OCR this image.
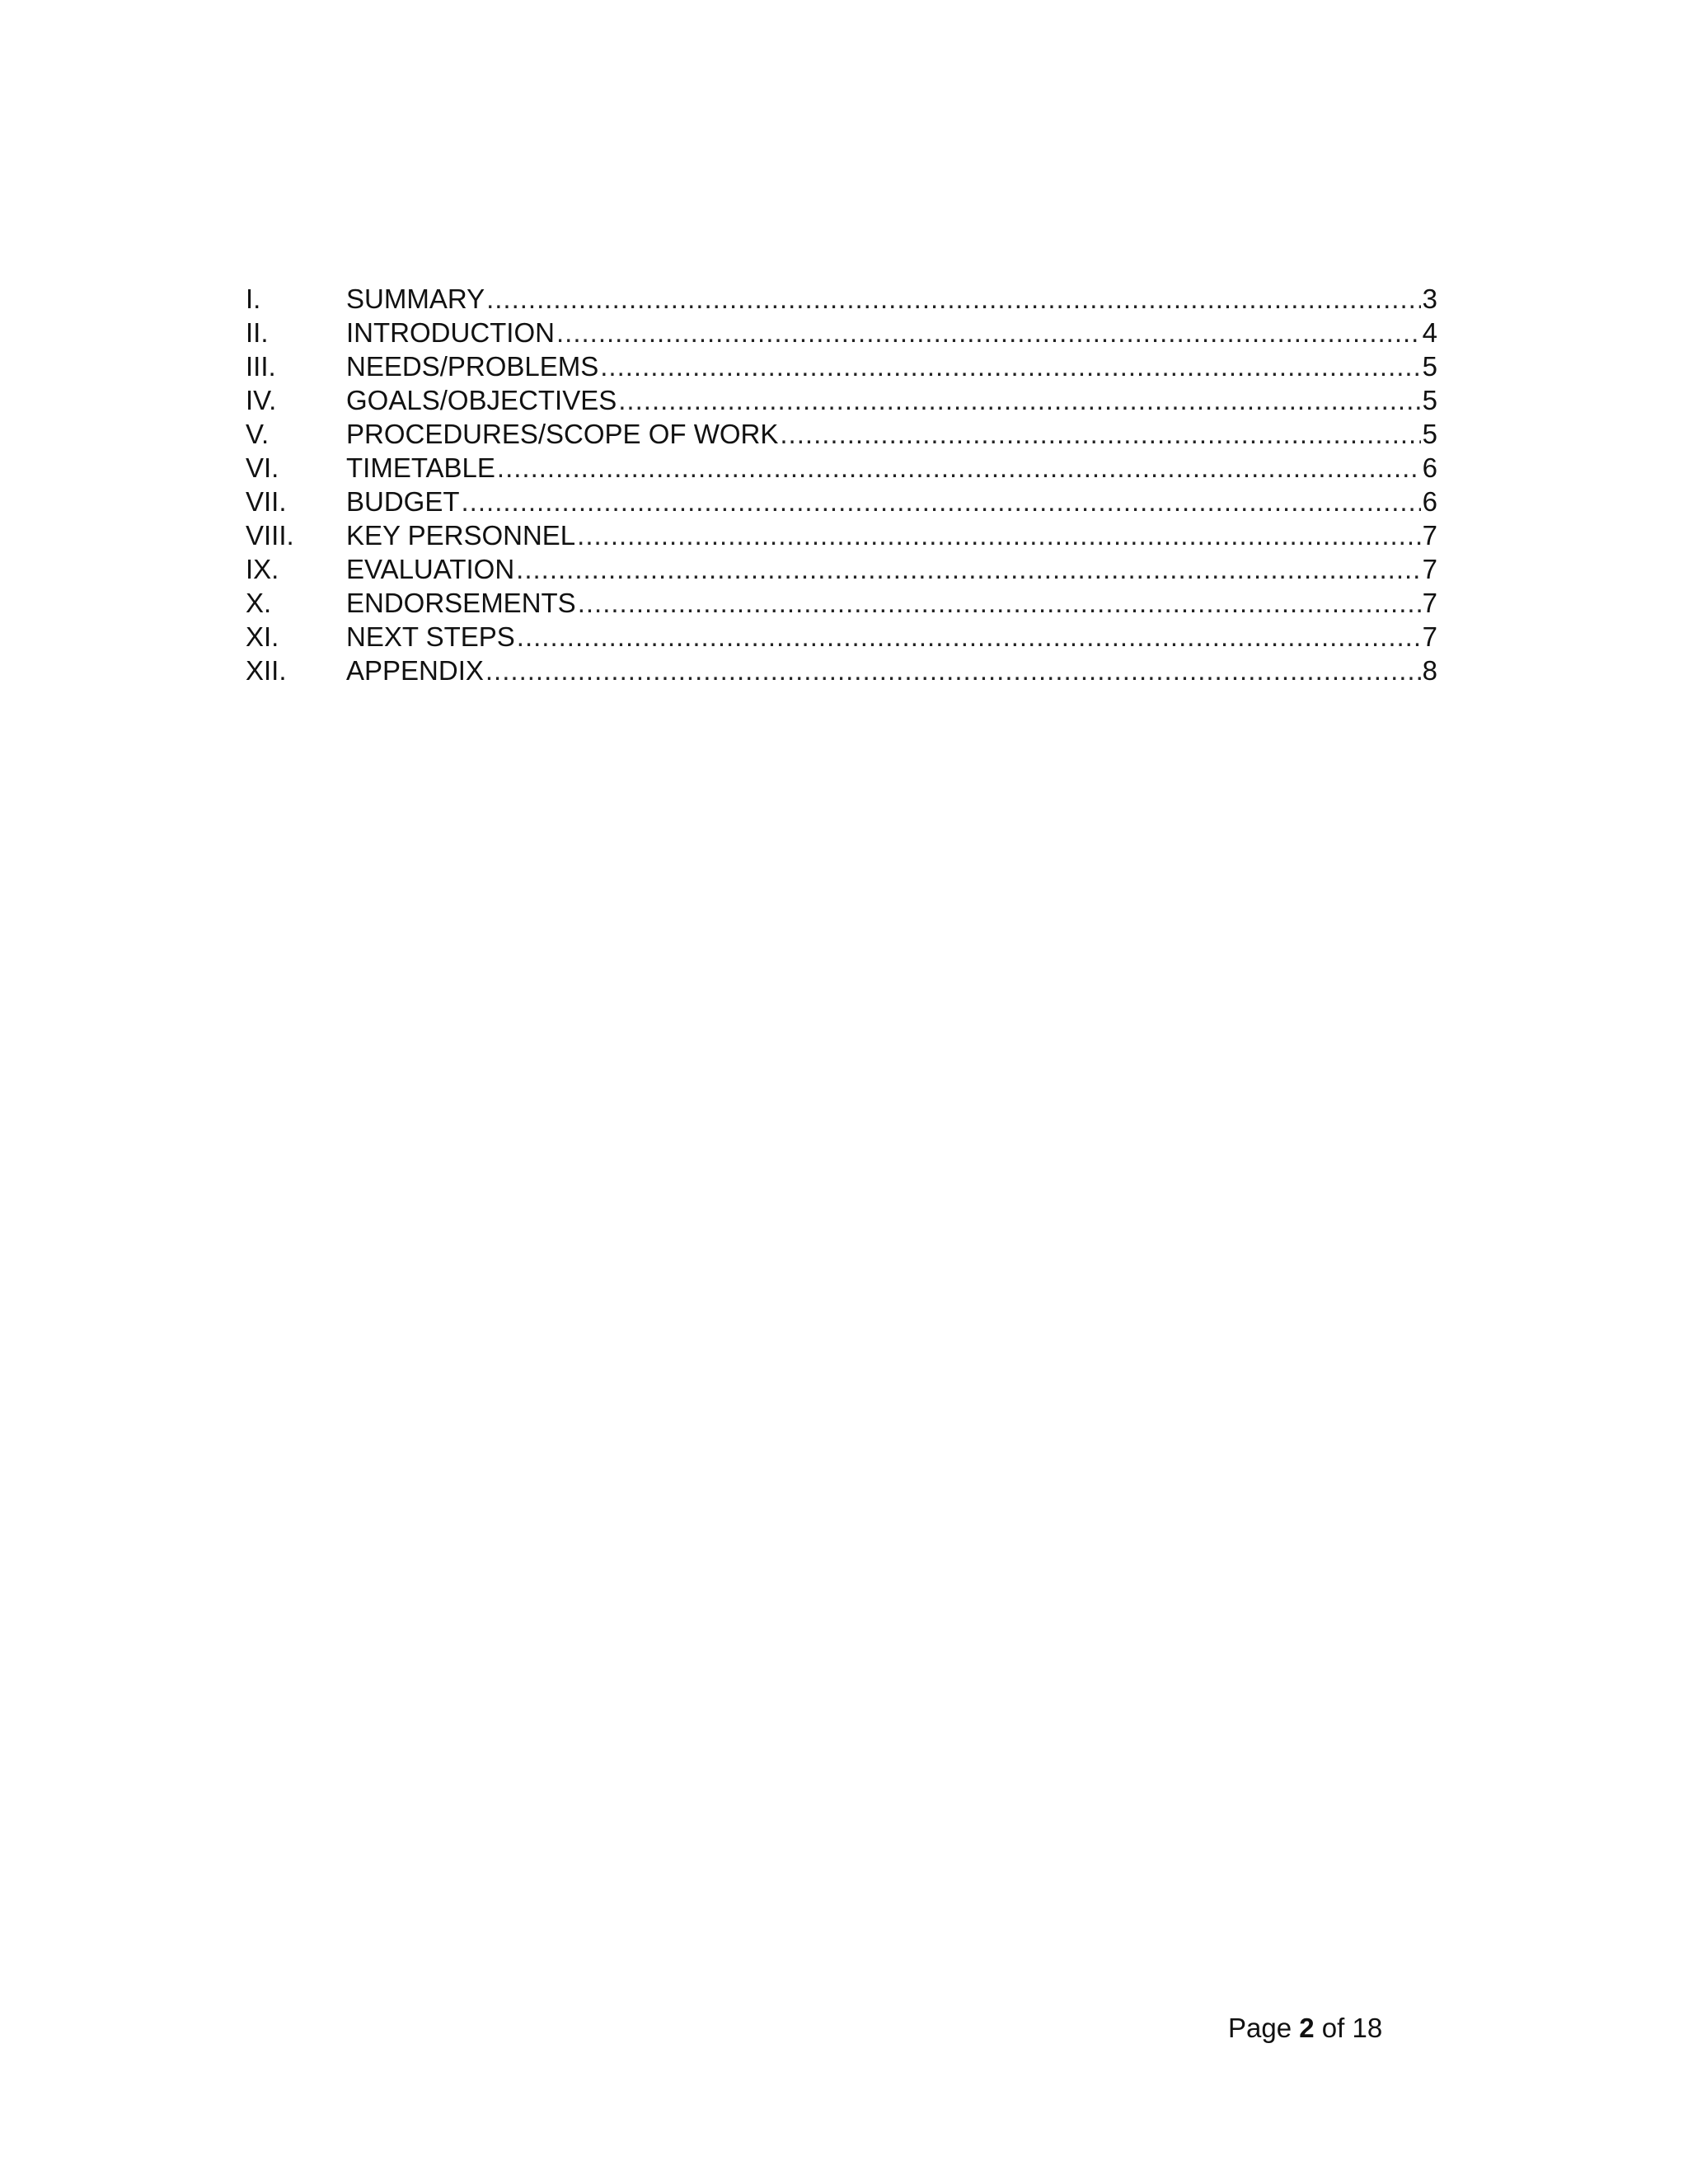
I.	SUMMARY .....	3
II.	INTRODUCTION .....	4
III.	NEEDS/PROBLEMS .....	5
IV.	GOALS/OBJECTIVES .....	5
V.	PROCEDURES/SCOPE OF WORK .....	5
VI.	TIMETABLE .....	6
VII.	BUDGET .....	6
VIII.	KEY PERSONNEL .....	7
IX.	EVALUATION .....	7
X.	ENDORSEMENTS .....	7
XI.	NEXT STEPS .....	7
XII.	APPENDIX .....	8
Page 2 of 18
